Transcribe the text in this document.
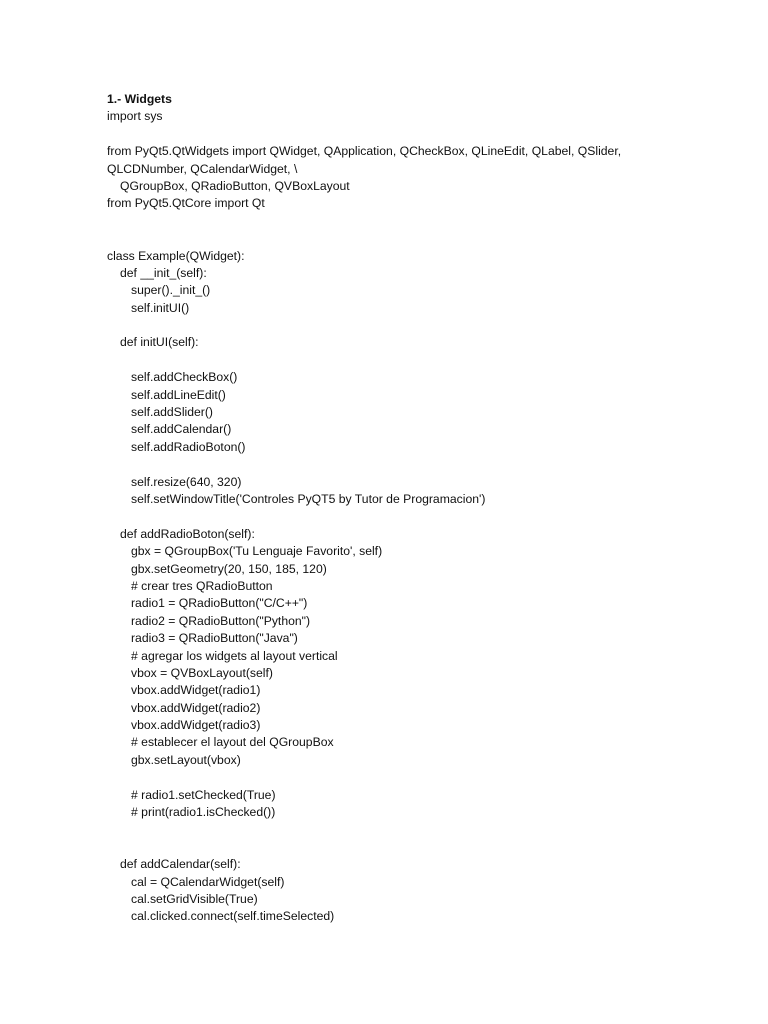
1.- Widgets
import sys
from PyQt5.QtWidgets import QWidget, QApplication, QCheckBox, QLineEdit, QLabel, QSlider,
QLCDNumber, QCalendarWidget, \
QGroupBox, QRadioButton, QVBoxLayout
from PyQt5.QtCore import Qt
class Example(QWidget):
def __init_(self):
super()._init_()
self.initUI()
def initUI(self):
self.addCheckBox()
self.addLineEdit()
self.addSlider()
self.addCalendar()
self.addRadioBoton()
self.resize(640, 320)
self.setWindowTitle('Controles PyQT5 by Tutor de Programacion')
def addRadioBoton(self):
gbx = QGroupBox('Tu Lenguaje Favorito', self)
gbx.setGeometry(20, 150, 185, 120)
# crear tres QRadioButton
radio1 = QRadioButton("C/C++")
radio2 = QRadioButton("Python")
radio3 = QRadioButton("Java")
# agregar los widgets al layout vertical
vbox = QVBoxLayout(self)
vbox.addWidget(radio1)
vbox.addWidget(radio2)
vbox.addWidget(radio3)
# establecer el layout del QGroupBox
gbx.setLayout(vbox)
# radio1.setChecked(True)
# print(radio1.isChecked())
def addCalendar(self):
cal = QCalendarWidget(self)
cal.setGridVisible(True)
cal.clicked.connect(self.timeSelected)
